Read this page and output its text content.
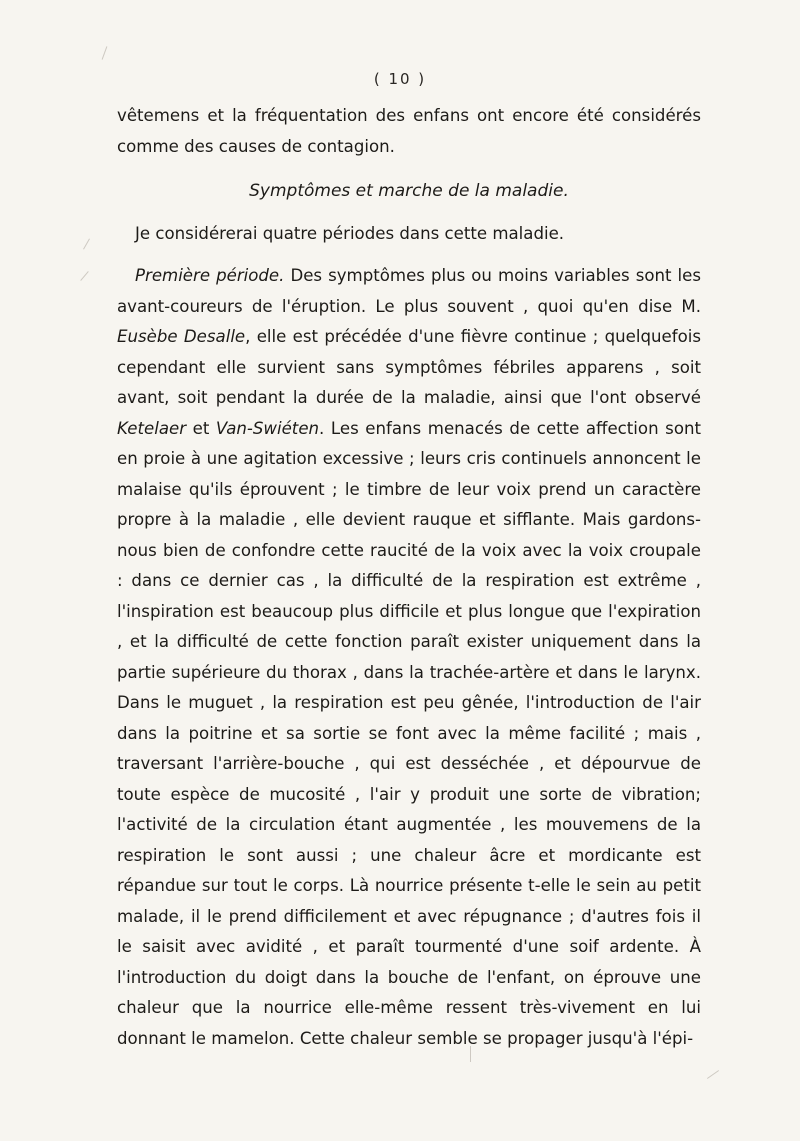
( 10 )

vêtemens et la fréquentation des enfans ont encore été considérés comme des causes de contagion.

Symptômes et marche de la maladie.

Je considérerai quatre périodes dans cette maladie.

Première période. Des symptômes plus ou moins variables sont les avant-coureurs de l'éruption. Le plus souvent , quoi qu'en dise M. Eusèbe Desalle, elle est précédée d'une fièvre continue ; quelquefois cependant elle survient sans symptômes fébriles apparens , soit avant, soit pendant la durée de la maladie, ainsi que l'ont observé Ketelaer et Van-Swiéten. Les enfans menacés de cette affection sont en proie à une agitation excessive ; leurs cris continuels annoncent le malaise qu'ils éprouvent ; le timbre de leur voix prend un caractère propre à la maladie , elle devient rauque et sifflante. Mais gardons-nous bien de confondre cette raucité de la voix avec la voix croupale : dans ce dernier cas , la difficulté de la respiration est extrême , l'inspiration est beaucoup plus difficile et plus longue que l'expiration , et la difficulté de cette fonction paraît exister uniquement dans la partie supérieure du thorax , dans la trachée-artère et dans le larynx. Dans le muguet , la respiration est peu gênée, l'introduction de l'air dans la poitrine et sa sortie se font avec la même facilité ; mais , traversant l'arrière-bouche , qui est desséchée , et dépourvue de toute espèce de mucosité , l'air y produit une sorte de vibration; l'activité de la circulation étant augmentée , les mouvemens de la respiration le sont aussi ; une chaleur âcre et mordicante est répandue sur tout le corps. Là nourrice présente t-elle le sein au petit malade, il le prend difficilement et avec répugnance ; d'autres fois il le saisit avec avidité , et paraît tourmenté d'une soif ardente. À l'introduction du doigt dans la bouche de l'enfant, on éprouve une chaleur que la nourrice elle-même ressent très-vivement en lui donnant le mamelon. Cette chaleur semble se propager jusqu'à l'épi-
